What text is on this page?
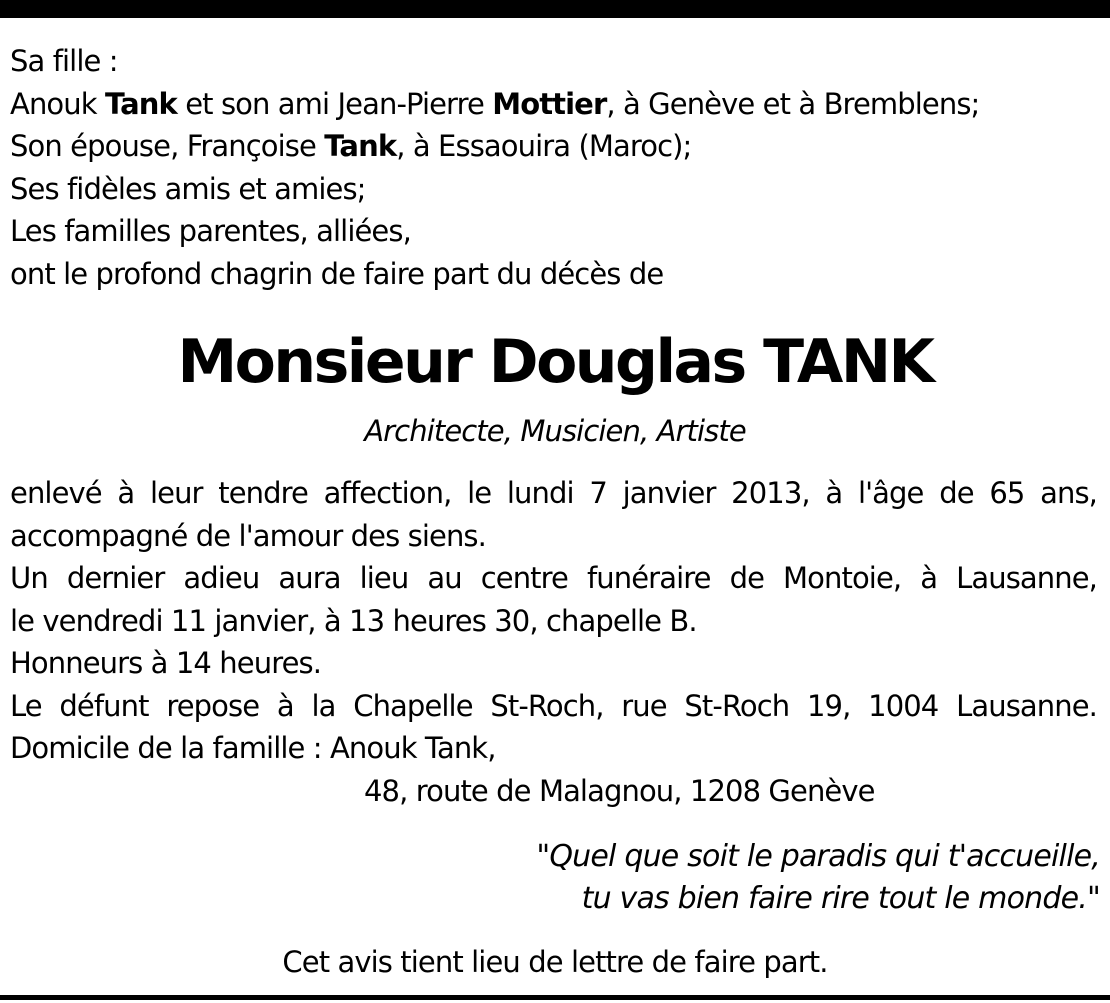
Sa fille :
Anouk Tank et son ami Jean-Pierre Mottier, à Genève et à Bremblens;
Son épouse, Françoise Tank, à Essaouira (Maroc);
Ses fidèles amis et amies;
Les familles parentes, alliées,
ont le profond chagrin de faire part du décès de
Monsieur Douglas TANK
Architecte, Musicien, Artiste
enlevé à leur tendre affection, le lundi 7 janvier 2013, à l'âge de 65 ans,
accompagné de l'amour des siens.
Un dernier adieu aura lieu au centre funéraire de Montoie, à Lausanne,
le vendredi 11 janvier, à 13 heures 30, chapelle B.
Honneurs à 14 heures.
Le défunt repose à la Chapelle St-Roch, rue St-Roch 19, 1004 Lausanne.
Domicile de la famille : Anouk Tank,
48, route de Malagnou, 1208 Genève
"Quel que soit le paradis qui t'accueille,
tu vas bien faire rire tout le monde."
Cet avis tient lieu de lettre de faire part.
